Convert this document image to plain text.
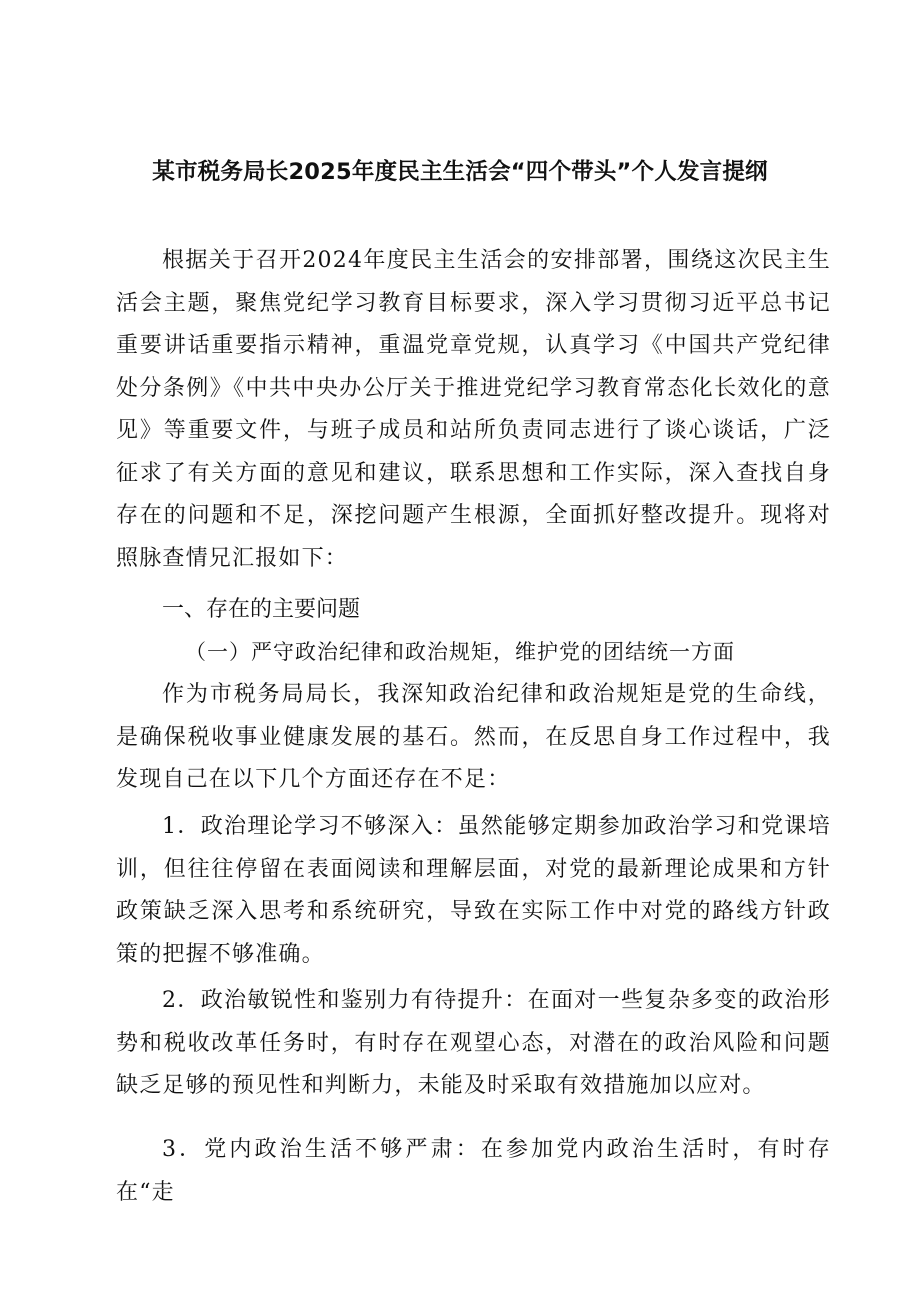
某市税务局长2025年度民主生活会“四个带头”个人发言提纲

根据关于召开2024年度民主生活会的安排部署，围绕这次民主生活会主题，聚焦党纪学习教育目标要求，深入学习贯彻习近平总书记重要讲话重要指示精神，重温党章党规，认真学习《中国共产党纪律处分条例》《中共中央办公厅关于推进党纪学习教育常态化长效化的意见》等重要文件，与班子成员和站所负责同志进行了谈心谈话，广泛征求了有关方面的意见和建议，联系思想和工作实际，深入查找自身存在的问题和不足，深挖问题产生根源，全面抓好整改提升。现将对照脉查情兄汇报如下：

一、存在的主要问题

（一）严守政治纪律和政治规矩，维护党的团结统一方面

作为市税务局局长，我深知政治纪律和政治规矩是党的生命线，是确保税收事业健康发展的基石。然而，在反思自身工作过程中，我发现自己在以下几个方面还存在不足：

1．政治理论学习不够深入：虽然能够定期参加政治学习和党课培训，但往往停留在表面阅读和理解层面，对党的最新理论成果和方针政策缺乏深入思考和系统研究，导致在实际工作中对党的路线方针政策的把握不够准确。

2．政治敏锐性和鉴别力有待提升：在面对一些复杂多变的政治形势和税收改革任务时，有时存在观望心态，对潜在的政治风险和问题缺乏足够的预见性和判断力，未能及时采取有效措施加以应对。

3．党内政治生活不够严肃：在参加党内政治生活时，有时存在“走
